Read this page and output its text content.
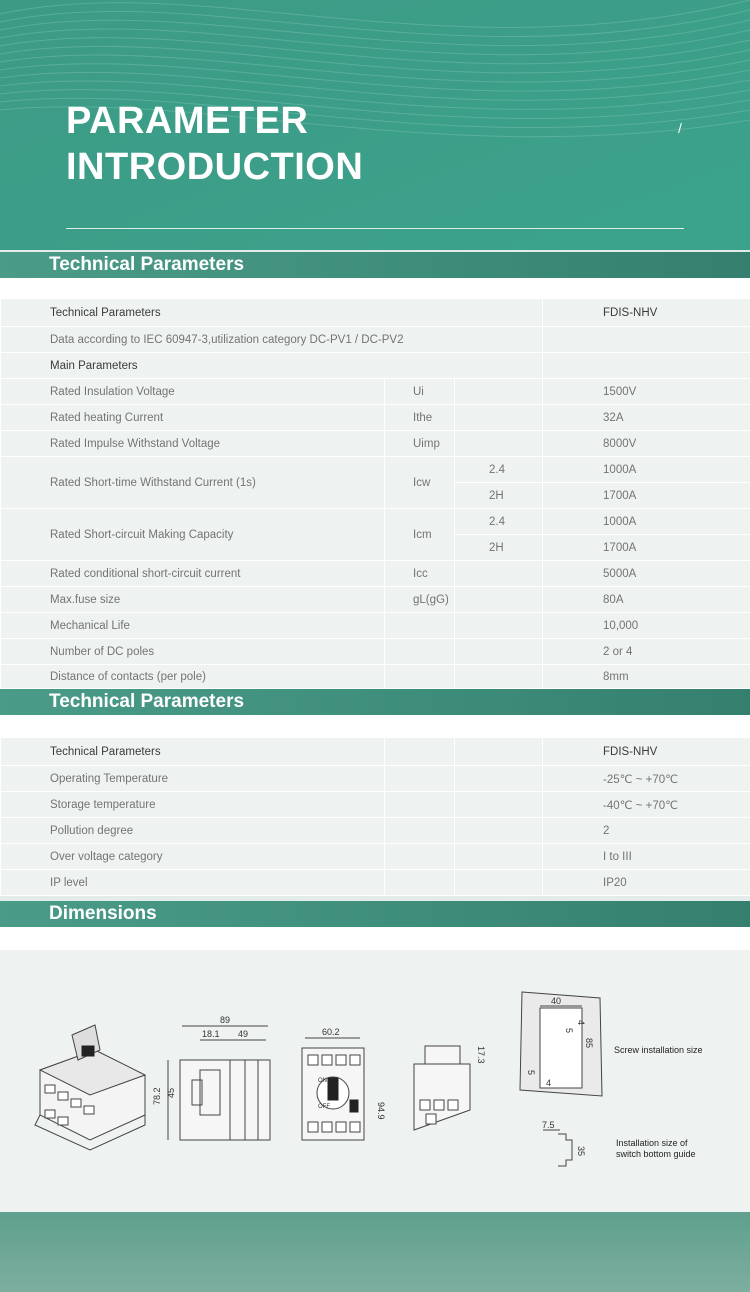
PARAMETER
INTRODUCTION
/
Technical Parameters
Technical Parameters			FDIS-NHV
Data according to IEC 60947-3,utilization category DC-PV1 / DC-PV2			
Main Parameters			
Rated Insulation Voltage	Ui		1500V
Rated heating Current	Ithe		32A
Rated Impulse Withstand Voltage	Uimp		8000V
Rated Short-time Withstand Current (1s)	Icw	2.4	1000A
		2H	1700A
Rated Short-circuit Making Capacity	Icm	2.4	1000A
		2H	1700A
Rated conditional short-circuit current	Icc		5000A
Max.fuse size	gL(gG)		80A
Mechanical Life			10,000
Number of DC poles			2 or 4
Distance of contacts (per pole)			8mm
Technical Parameters
Technical Parameters			FDIS-NHV
Operating Temperature			-25℃ ~ +70℃
Storage temperature			-40℃ ~ +70℃
Pollution degree			2
Over voltage category			I to III
IP level			IP20
Dimensions
89
18.1 49
78.2 45
60.2
94.9
ON
OFF
17.3
40
5
4
85
5
4
Screw installation size
7.5
35
Installation size of
switch bottom guide
